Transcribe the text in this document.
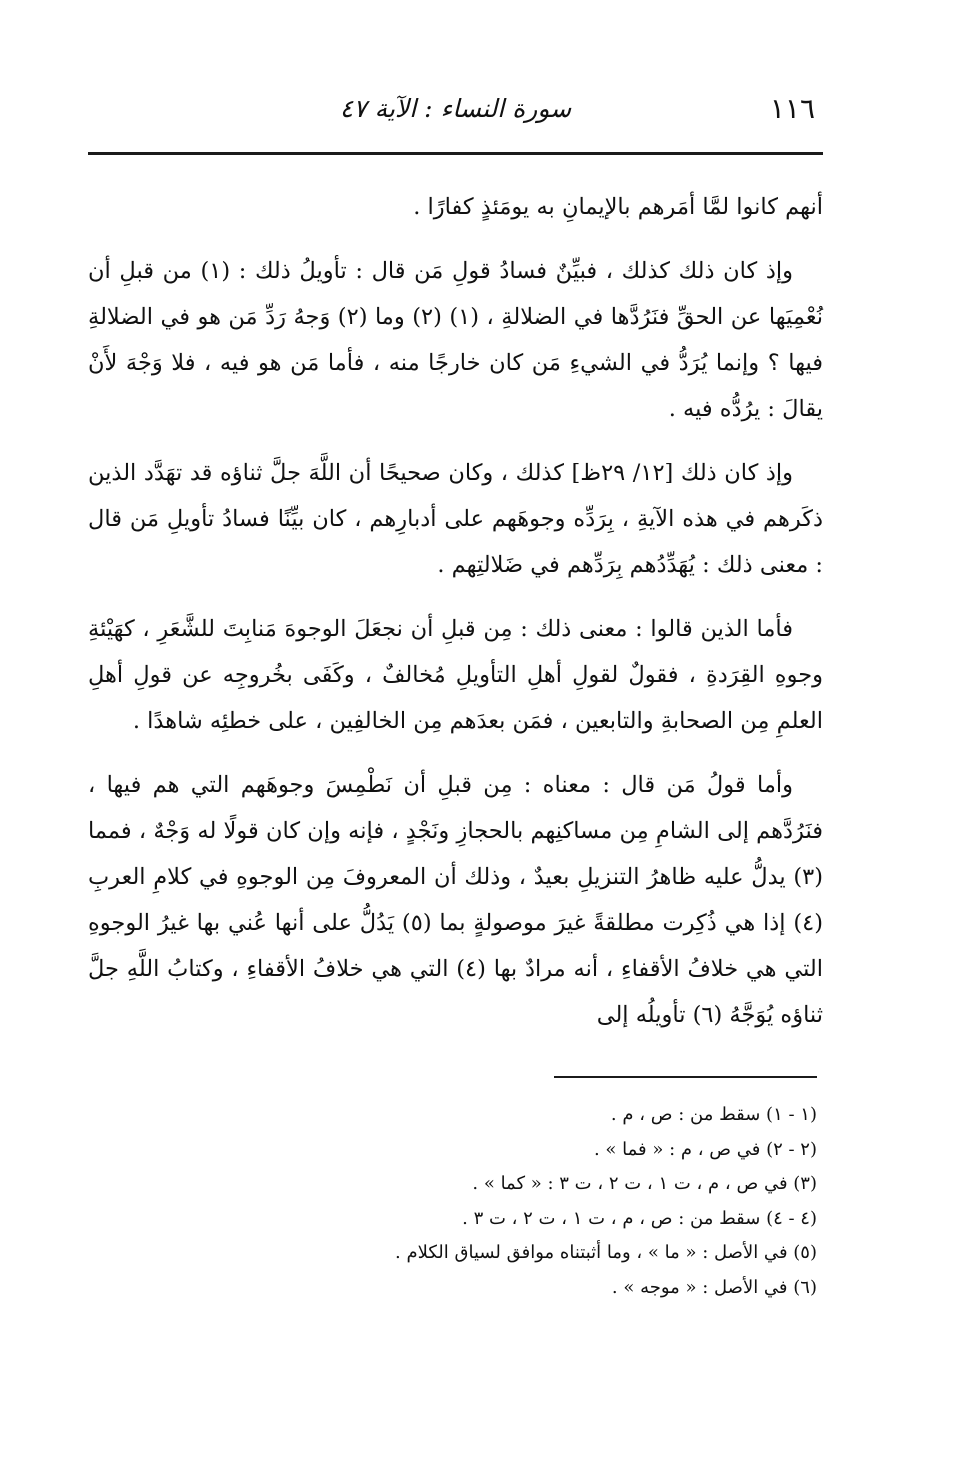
١١٦
سورة النساء : الآية ٤٧

أنهم كانوا لمَّا أمَرهم بالإيمانِ به يومَئذٍ كفارًا .

وإذ كان ذلك كذلك ، فبيِّنٌ فسادُ قولِ مَن قال : تأويلُ ذلك : (١) من قبلِ أن نُعْمِيَها عن الحقِّ فنَرُدَّها في الضلالةِ ، (١) (٢) وما (٢) وَجهُ رَدِّ مَن هو في الضلالةِ فيها ؟ وإنما يُرَدُّ في الشيءِ مَن كان خارجًا منه ، فأما مَن هو فيه ، فلا وَجْهَ لأَنْ يقالَ : يرُدُّه فيه .

وإذ كان ذلك [١٢/ ٢٩ظ] كذلك ، وكان صحيحًا أن اللَّهَ جلَّ ثناؤه قد تهَدَّد الذين ذكَرهم في هذه الآيةِ ، بِرَدِّه وجوهَهم على أدبارِهم ، كان بيِّنًا فسادُ تأويلِ مَن قال : معنى ذلك : يُهَدِّدُهم بِرَدِّهم في ضَلالتِهم .

فأما الذين قالوا : معنى ذلك : مِن قبلِ أن نجعَلَ الوجوهَ مَنابِتَ للشَّعَرِ ، كهَيْئةِ وجوهِ القِرَدةِ ، فقولٌ لقولِ أهلِ التأويلِ مُخالفٌ ، وكَفَى بخُروجِه عن قولِ أهلِ العلمِ مِن الصحابةِ والتابعين ، فمَن بعدَهم مِن الخالفِين ، على خطئِه شاهدًا .

وأما قولُ مَن قال : معناه : مِن قبلِ أن نَطْمِسَ وجوهَهم التي هم فيها ، فنَرُدَّهم إلى الشامِ مِن مساكنِهم بالحجازِ ونَجْدٍ ، فإنه وإن كان قولًا له وَجْهٌ ، فمما (٣) يدلُّ عليه ظاهرُ التنزيلِ بعيدٌ ، وذلك أن المعروفَ مِن الوجوهِ في كلامِ العربِ (٤) إذا هي ذُكِرت مطلقةً غيرَ موصولةٍ بما (٥) يَدُلُّ على أنها عُني بها غيرُ الوجوهِ التي هي خلافُ الأقفاءِ ، أنه مرادٌ بها (٤) التي هي خلافُ الأقفاءِ ، وكتابُ اللَّهِ جلَّ ثناؤه يُوَجَّهُ (٦) تأويلُه إلى

(١ - ١) سقط من : ص ، م .

(٢ - ٢) في ص ، م : « فما » .

(٣) في ص ، م ، ت ١ ، ت ٢ ، ت ٣ : « كما » .

(٤ - ٤) سقط من : ص ، م ، ت ١ ، ت ٢ ، ت ٣ .

(٥) في الأصل : « ما » ، وما أثبتناه موافق لسياق الكلام .

(٦) في الأصل : « موجه » .
